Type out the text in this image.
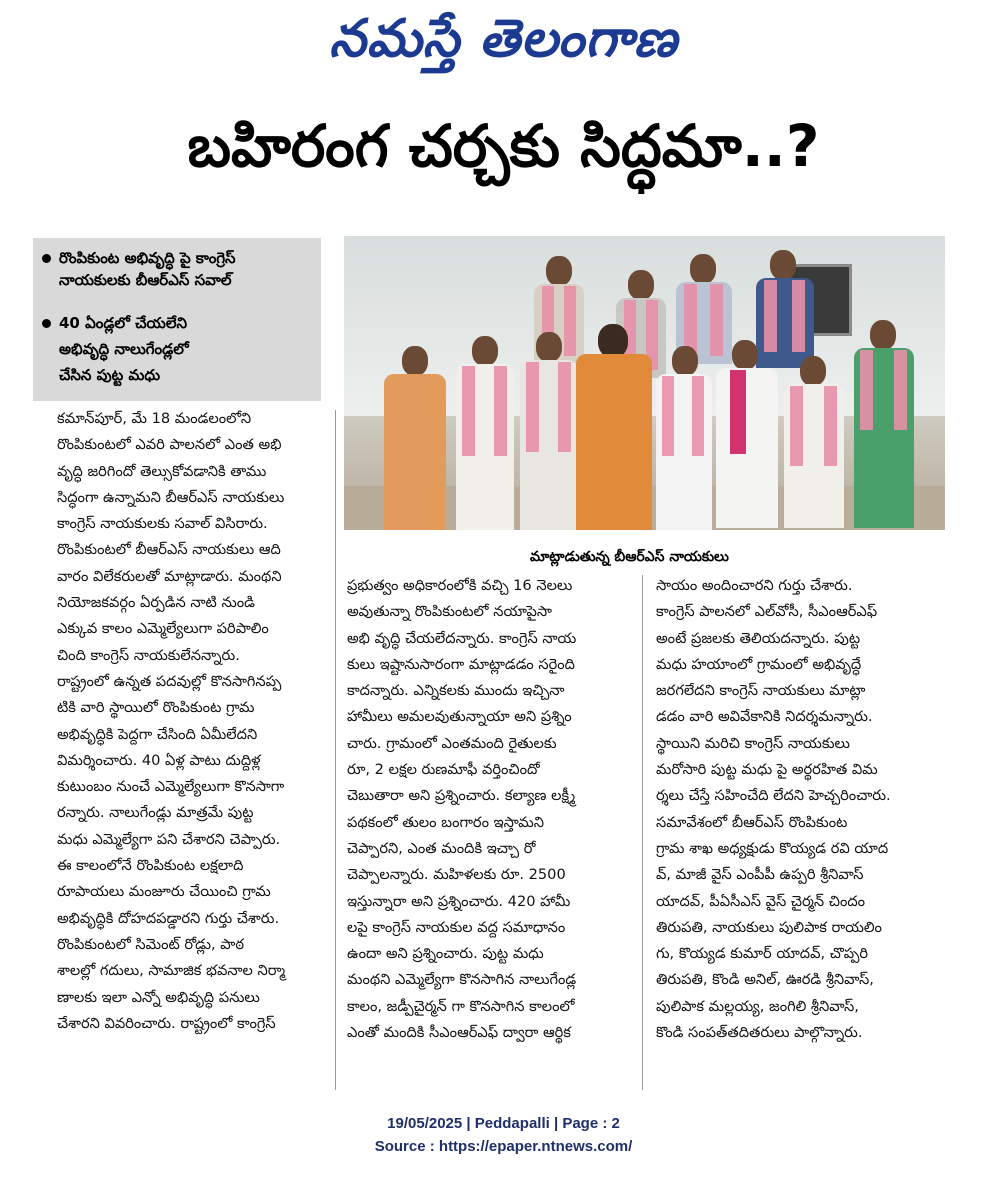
నమస్తే తెలంగాణ
బహిరంగ చర్చకు సిద్ధమా..?
రొంపికుంట అభివృద్ధి పై కాంగ్రెస్
నాయకులకు బీఆర్ఎస్ సవాల్
40 ఏండ్లలో చేయలేని
అభివృద్ధి నాలుగేండ్లలో
చేసిన పుట్ట మధు
మాట్లాడుతున్న బీఆర్ఎస్ నాయకులు

కమాన్‌పూర్, మే 18 మండలంలోని

రొంపికుంటలో ఎవరి పాలనలో ఎంత అభి

వృద్ధి జరిగిందో తెల్సుకోవడానికి తాము

సిద్ధంగా ఉన్నామని బీఆర్ఎస్ నాయకులు

కాంగ్రెస్ నాయకులకు సవాల్ విసిరారు.

రొంపికుంటలో బీఆర్ఎస్ నాయకులు ఆది

వారం విలేకరులతో మాట్లాడారు. మంథని

నియోజకవర్గం ఏర్పడిన నాటి నుండి

ఎక్కువ కాలం ఎమ్మెల్యేలుగా పరిపాలిం

చింది కాంగ్రెస్ నాయకులేనన్నారు.

రాష్ట్రంలో ఉన్నత పదవుల్లో కొనసాగినప్ప

టికి వారి స్థాయిలో రొంపికుంట గ్రామ

అభివృద్ధికి పెద్దగా చేసింది ఏమీలేదని

విమర్శించారు. 40 ఏళ్ల పాటు దుద్దిళ్ల

కుటుంబం నుంచే ఎమ్మెల్యేలుగా కొనసాగా

రన్నారు. నాలుగేండ్లు మాత్రమే పుట్ట

మధు ఎమ్మెల్యేగా పని చేశారని చెప్పారు.

ఈ కాలంలోనే రొంపికుంట లక్షలాది

రూపాయలు మంజూరు చేయించి గ్రామ

అభివృద్ధికి దోహదపడ్డారని గుర్తు చేశారు.

రొంపికుంటలో సిమెంట్ రోడ్లు, పాఠ

శాలల్లో గదులు, సామాజిక భవనాల నిర్మా

ణాలకు ఇలా ఎన్నో అభివృద్ధి పనులు

చేశారని వివరించారు. రాష్ట్రంలో కాంగ్రెస్

ప్రభుత్వం అధికారంలోకి వచ్చి 16 నెలలు

అవుతున్నా రొంపికుంటలో నయాపైసా

అభి వృద్ధి చేయలేదన్నారు. కాంగ్రెస్ నాయ

కులు ఇష్టానుసారంగా మాట్లాడడం సరైంది

కాదన్నారు. ఎన్నికలకు ముందు ఇచ్చినా

హామీలు అమలవుతున్నాయా అని ప్రశ్నిం

చారు. గ్రామంలో ఎంతమంది రైతులకు

రూ, 2 లక్షల రుణమాఫీ వర్తించిందో

చెబుతారా అని ప్రశ్నించారు. కల్యాణ లక్ష్మీ

పథకంలో తులం బంగారం ఇస్తామని

చెప్పారని, ఎంత మందికి ఇచ్చా రో

చెప్పాలన్నారు. మహిళలకు రూ. 2500

ఇస్తున్నారా అని ప్రశ్నించారు. 420 హామీ

లపై కాంగ్రెస్ నాయకుల వద్ద సమాధానం

ఉందా అని ప్రశ్నించారు. పుట్ట మధు

మంథని ఎమ్మెల్యేగా కొనసాగిన నాలుగేండ్ల

కాలం, జడ్పీచైర్మన్ గా కొనసాగిన కాలంలో

ఎంతో మందికి సీఎంఆర్ఎఫ్ ద్వారా ఆర్థిక

సాయం అందించారని గుర్తు చేశారు.

కాంగ్రెస్ పాలనలో ఎల్‌వోసీ, సీఎంఆర్ఎఫ్

అంటే ప్రజలకు తెలియదన్నారు. పుట్ట

మధు హయాంలో గ్రామంలో అభివృద్ధే

జరగలేదని కాంగ్రెస్ నాయకులు మాట్లా

డడం వారి అవివేకానికి నిదర్శమన్నారు.

స్థాయిని మరిచి కాంగ్రెస్ నాయకులు

మరోసారి పుట్ట మధు పై అర్థరహిత విమ

ర్శలు చేస్తే సహించేది లేదని హెచ్చరించారు.

సమావేశంలో బీఆర్ఎస్ రొంపికుంట

గ్రామ శాఖ అధ్యక్షుడు కొయ్యడ రవి యాద

వ్, మాజీ వైస్ ఎంపీపీ ఉప్పరి శ్రీనివాస్

యాదవ్, పీఏసీఎస్ వైస్ చైర్మన్ చిందం

తిరుపతి, నాయకులు పులిపాక రాయలిం

గు, కొయ్యడ కుమార్ యాదవ్, చొప్పరి

తిరుపతి, కొండి అనిల్, ఊరడి శ్రీనివాస్,

పులిపాక మల్లయ్య, జంగిలి శ్రీనివాస్,

కొండి సంపత్‌తదితరులు పాల్గొన్నారు.

19/05/2025 | Peddapalli | Page : 2
Source : https://epaper.ntnews.com/
